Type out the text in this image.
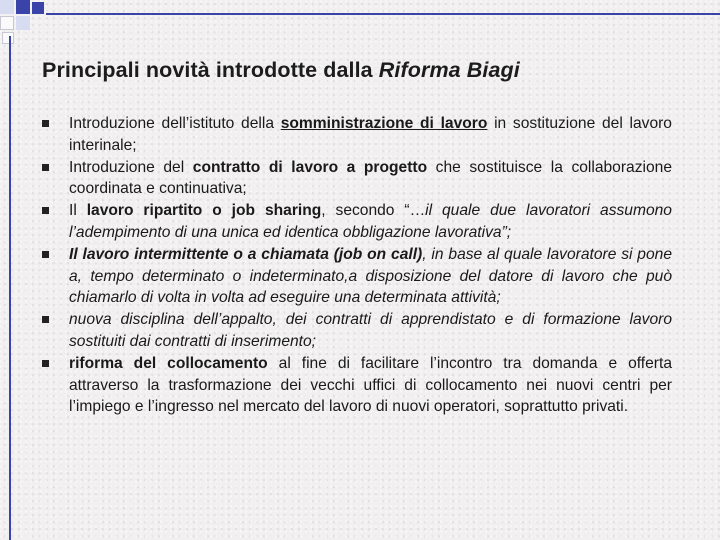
Principali novità introdotte dalla Riforma Biagi
Introduzione dell’istituto della somministrazione di lavoro in sostituzione del lavoro interinale;
Introduzione del contratto di lavoro a progetto che sostituisce la collaborazione coordinata e continuativa;
Il lavoro ripartito o job sharing, secondo “…il quale due lavoratori assumono l’adempimento di una unica ed identica obbligazione lavorativa”;
Il lavoro intermittente o a chiamata (job on call), in base al quale lavoratore si pone a, tempo determinato o indeterminato,a disposizione del datore di lavoro che può chiamarlo di volta in volta ad eseguire una determinata attività;
nuova disciplina dell’appalto, dei contratti di apprendistato e di formazione lavoro sostituiti dai contratti di inserimento;
riforma del collocamento al fine di facilitare l’incontro tra domanda e offerta attraverso la trasformazione dei vecchi uffici di collocamento nei nuovi centri per l’impiego e l’ingresso nel mercato del lavoro di nuovi operatori, soprattutto privati.
